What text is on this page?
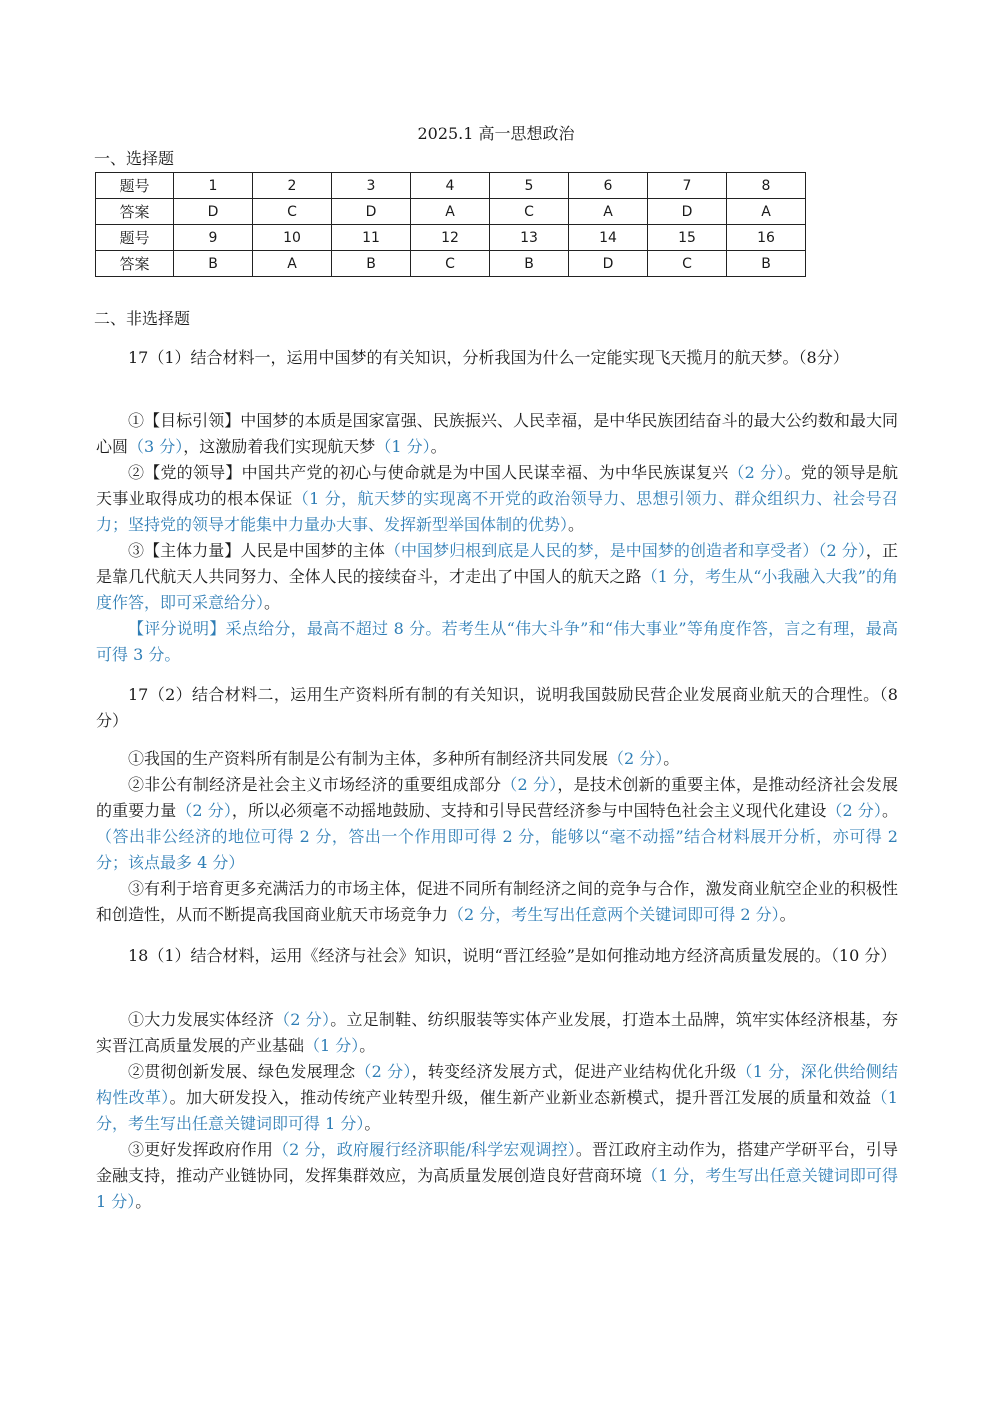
2025.1 高一思想政治
一、选择题
题号	1	2	3	4	5	6	7	8
答案	D	C	D	A	C	A	D	A
题号	9	10	11	12	13	14	15	16
答案	B	A	B	C	B	D	C	B
二、非选择题

17（1）结合材料一，运用中国梦的有关知识，分析我国为什么一定能实现飞天揽月的航天梦。（8分）

①【目标引领】中国梦的本质是国家富强、民族振兴、人民幸福，是中华民族团结奋斗的最大公约数和最大同心圆（3 分），这激励着我们实现航天梦（1 分）。

②【党的领导】中国共产党的初心与使命就是为中国人民谋幸福、为中华民族谋复兴（2 分）。党的领导是航天事业取得成功的根本保证（1 分，航天梦的实现离不开党的政治领导力、思想引领力、群众组织力、社会号召力；坚持党的领导才能集中力量办大事、发挥新型举国体制的优势）。

③【主体力量】人民是中国梦的主体（中国梦归根到底是人民的梦，是中国梦的创造者和享受者）（2 分），正是靠几代航天人共同努力、全体人民的接续奋斗，才走出了中国人的航天之路（1 分，考生从“小我融入大我”的角度作答，即可采意给分）。

【评分说明】采点给分，最高不超过 8 分。若考生从“伟大斗争”和“伟大事业”等角度作答，言之有理，最高可得 3 分。

17（2）结合材料二，运用生产资料所有制的有关知识，说明我国鼓励民营企业发展商业航天的合理性。（8 分）

①我国的生产资料所有制是公有制为主体，多种所有制经济共同发展（2 分）。

②非公有制经济是社会主义市场经济的重要组成部分（2 分），是技术创新的重要主体，是推动经济社会发展的重要力量（2 分），所以必须毫不动摇地鼓励、支持和引导民营经济参与中国特色社会主义现代化建设（2 分）。（答出非公经济的地位可得 2 分，答出一个作用即可得 2 分，能够以“毫不动摇”结合材料展开分析，亦可得 2 分；该点最多 4 分）

③有利于培育更多充满活力的市场主体，促进不同所有制经济之间的竞争与合作，激发商业航空企业的积极性和创造性，从而不断提高我国商业航天市场竞争力（2 分，考生写出任意两个关键词即可得 2 分）。

18（1）结合材料，运用《经济与社会》知识，说明“晋江经验”是如何推动地方经济高质量发展的。（10 分）

①大力发展实体经济（2 分）。立足制鞋、纺织服装等实体产业发展，打造本土品牌，筑牢实体经济根基，夯实晋江高质量发展的产业基础（1 分）。

②贯彻创新发展、绿色发展理念（2 分），转变经济发展方式，促进产业结构优化升级（1 分，深化供给侧结构性改革）。加大研发投入，推动传统产业转型升级，催生新产业新业态新模式，提升晋江发展的质量和效益（1 分，考生写出任意关键词即可得 1 分）。

③更好发挥政府作用（2 分，政府履行经济职能/科学宏观调控）。晋江政府主动作为，搭建产学研平台，引导金融支持，推动产业链协同，发挥集群效应，为高质量发展创造良好营商环境（1 分，考生写出任意关键词即可得 1 分）。
